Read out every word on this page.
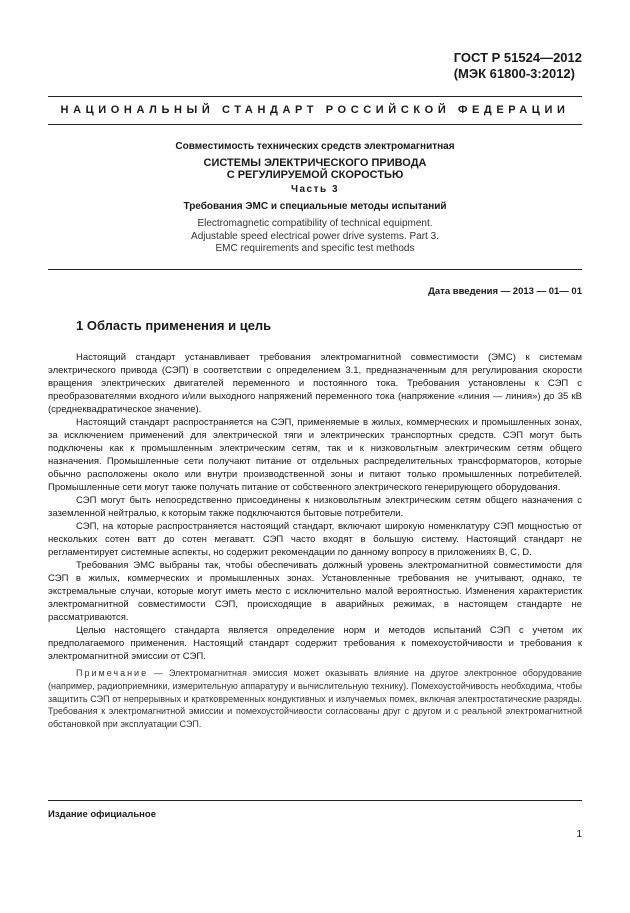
ГОСТ Р 51524—2012
(МЭК 61800-3:2012)
НАЦИОНАЛЬНЫЙ СТАНДАРТ РОССИЙСКОЙ ФЕДЕРАЦИИ
Совместимость технических средств электромагнитная
СИСТЕМЫ ЭЛЕКТРИЧЕСКОГО ПРИВОДА
С РЕГУЛИРУЕМОЙ СКОРОСТЬЮ
Часть 3
Требования ЭМС и специальные методы испытаний
Electromagnetic compatibility of technical equipment.
Adjustable speed electrical power drive systems. Part 3.
EMC requirements and specific test methods
Дата введения — 2013 — 01— 01
1 Область применения и цель

Настоящий стандарт устанавливает требования электромагнитной совместимости (ЭМС) к системам электрического привода (СЭП) в соответствии с определением 3.1, предназначенным для регулирования скорости вращения электрических двигателей переменного и постоянного тока. Требования установлены к СЭП с преобразователями входного и/или выходного напряжений переменного тока (напряжение «линия — линия») до 35 кВ (среднеквадратическое значение).

Настоящий стандарт распространяется на СЭП, применяемые в жилых, коммерческих и промышленных зонах, за исключением применений для электрической тяги и электрических транспортных средств. СЭП могут быть подключены как к промышленным электрическим сетям, так и к низковольтным электрическим сетям общего назначения. Промышленные сети получают питание от отдельных распределительных трансформаторов, которые обычно расположены около или внутри производственной зоны и питают только промышленных потребителей. Промышленные сети могут также получать питание от собственного электрического генерирующего оборудования.

СЭП могут быть непосредственно присоединены к низковольтным электрическим сетям общего назначения с заземленной нейтралью, к которым также подключаются бытовые потребители.

СЭП, на которые распространяется настоящий стандарт, включают широкую номенклатуру СЭП мощностью от нескольких сотен ватт до сотен мегаватт. СЭП часто входят в большую систему. Настоящий стандарт не регламентирует системные аспекты, но содержит рекомендации по данному вопросу в приложениях B, C, D.

Требования ЭМС выбраны так, чтобы обеспечивать должный уровень электромагнитной совместимости для СЭП в жилых, коммерческих и промышленных зонах. Установленные требования не учитывают, однако, те экстремальные случаи, которые могут иметь место с исключительно малой вероятностью. Изменения характеристик электромагнитной совместимости СЭП, происходящие в аварийных режимах, в настоящем стандарте не рассматриваются.

Целью настоящего стандарта является определение норм и методов испытаний СЭП с учетом их предполагаемого применения. Настоящий стандарт содержит требования к помехоустойчивости и требования к электромагнитной эмиссии от СЭП.

Примечание — Электромагнитная эмиссия может оказывать влияние на другое электронное оборудование (например, радиоприемники, измерительную аппаратуру и вычислительную технику). Помехоустойчивость необходима, чтобы защитить СЭП от непрерывных и кратковременных кондуктивных и излучаемых помех, включая электростатические разряды. Требования к электромагнитной эмиссии и помехоустойчивости согласованы друг с другом и с реальной электромагнитной обстановкой при эксплуатации СЭП.

Издание официальное
1
